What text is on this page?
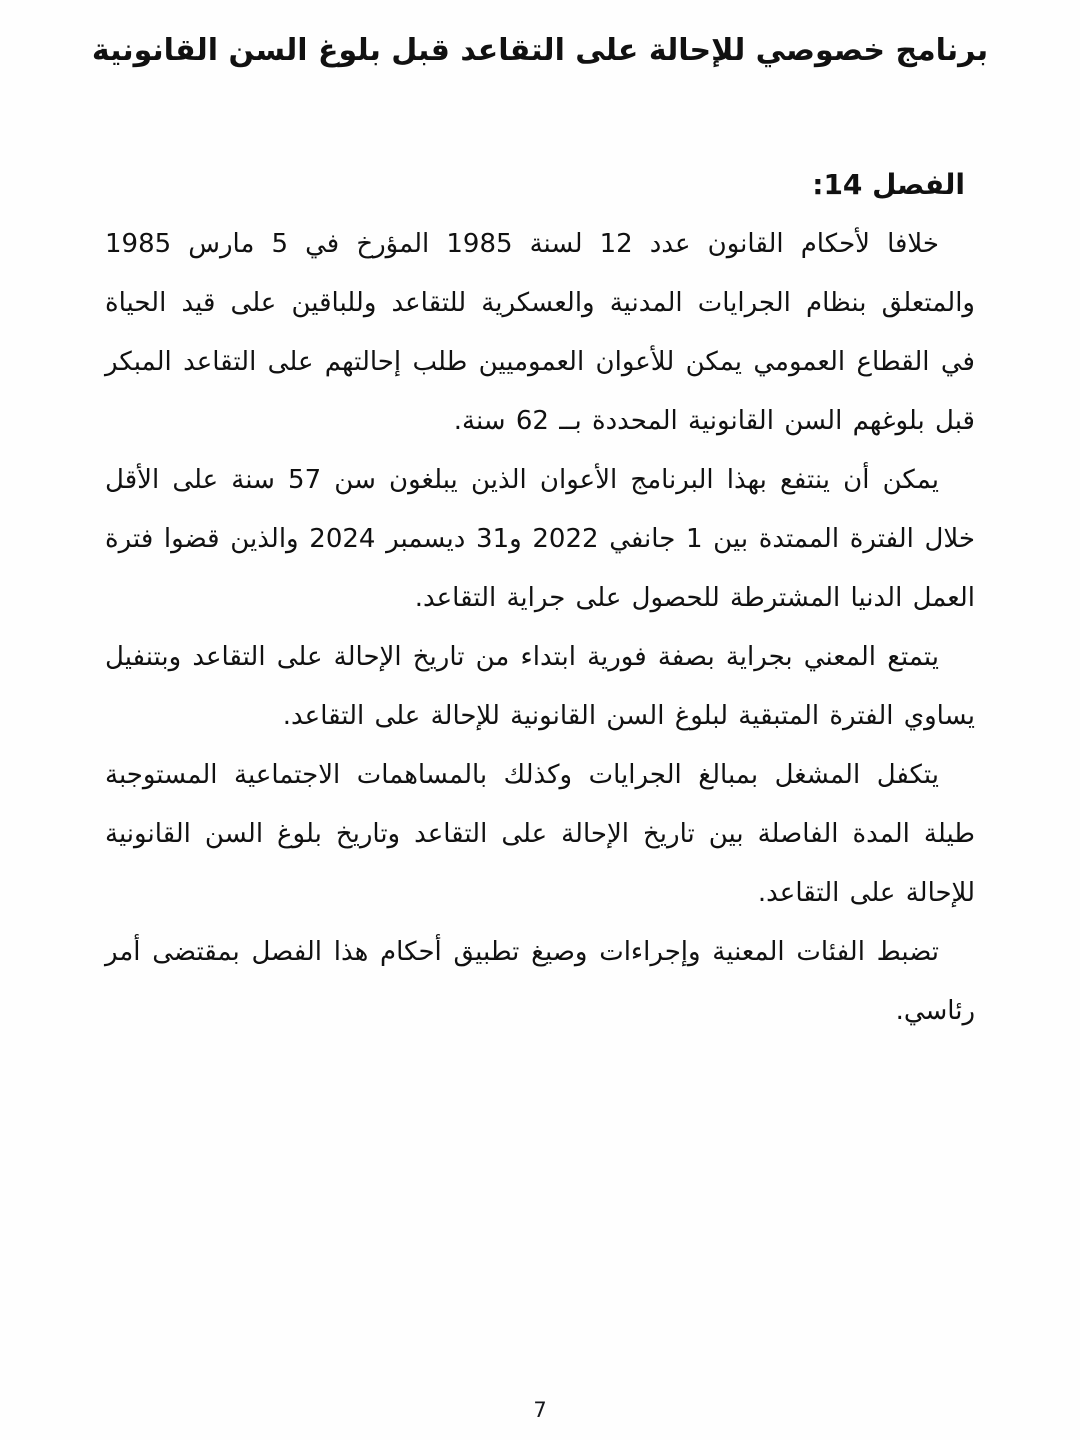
برنامج خصوصي للإحالة على التقاعد قبل بلوغ السن القانونية
الفصل 14:

خلافا لأحكام القانون عدد 12 لسنة 1985 المؤرخ في 5 مارس 1985 والمتعلق بنظام الجرايات المدنية والعسكرية للتقاعد وللباقين على قيد الحياة في القطاع العمومي يمكن للأعوان العموميين طلب إحالتهم على التقاعد المبكر قبل بلوغهم السن القانونية المحددة بــ 62 سنة.

يمكن أن ينتفع بهذا البرنامج الأعوان الذين يبلغون سن 57 سنة على الأقل خلال الفترة الممتدة بين 1 جانفي 2022 و31 ديسمبر 2024 والذين قضوا فترة العمل الدنيا المشترطة للحصول على جراية التقاعد.

يتمتع المعني بجراية بصفة فورية ابتداء من تاريخ الإحالة على التقاعد وبتنفيل يساوي الفترة المتبقية لبلوغ السن القانونية للإحالة على التقاعد.

يتكفل المشغل بمبالغ الجرايات وكذلك بالمساهمات الاجتماعية المستوجبة طيلة المدة الفاصلة بين تاريخ الإحالة على التقاعد وتاريخ بلوغ السن القانونية للإحالة على التقاعد.

تضبط الفئات المعنية وإجراءات وصيغ تطبيق أحكام هذا الفصل بمقتضى أمر رئاسي.

7
